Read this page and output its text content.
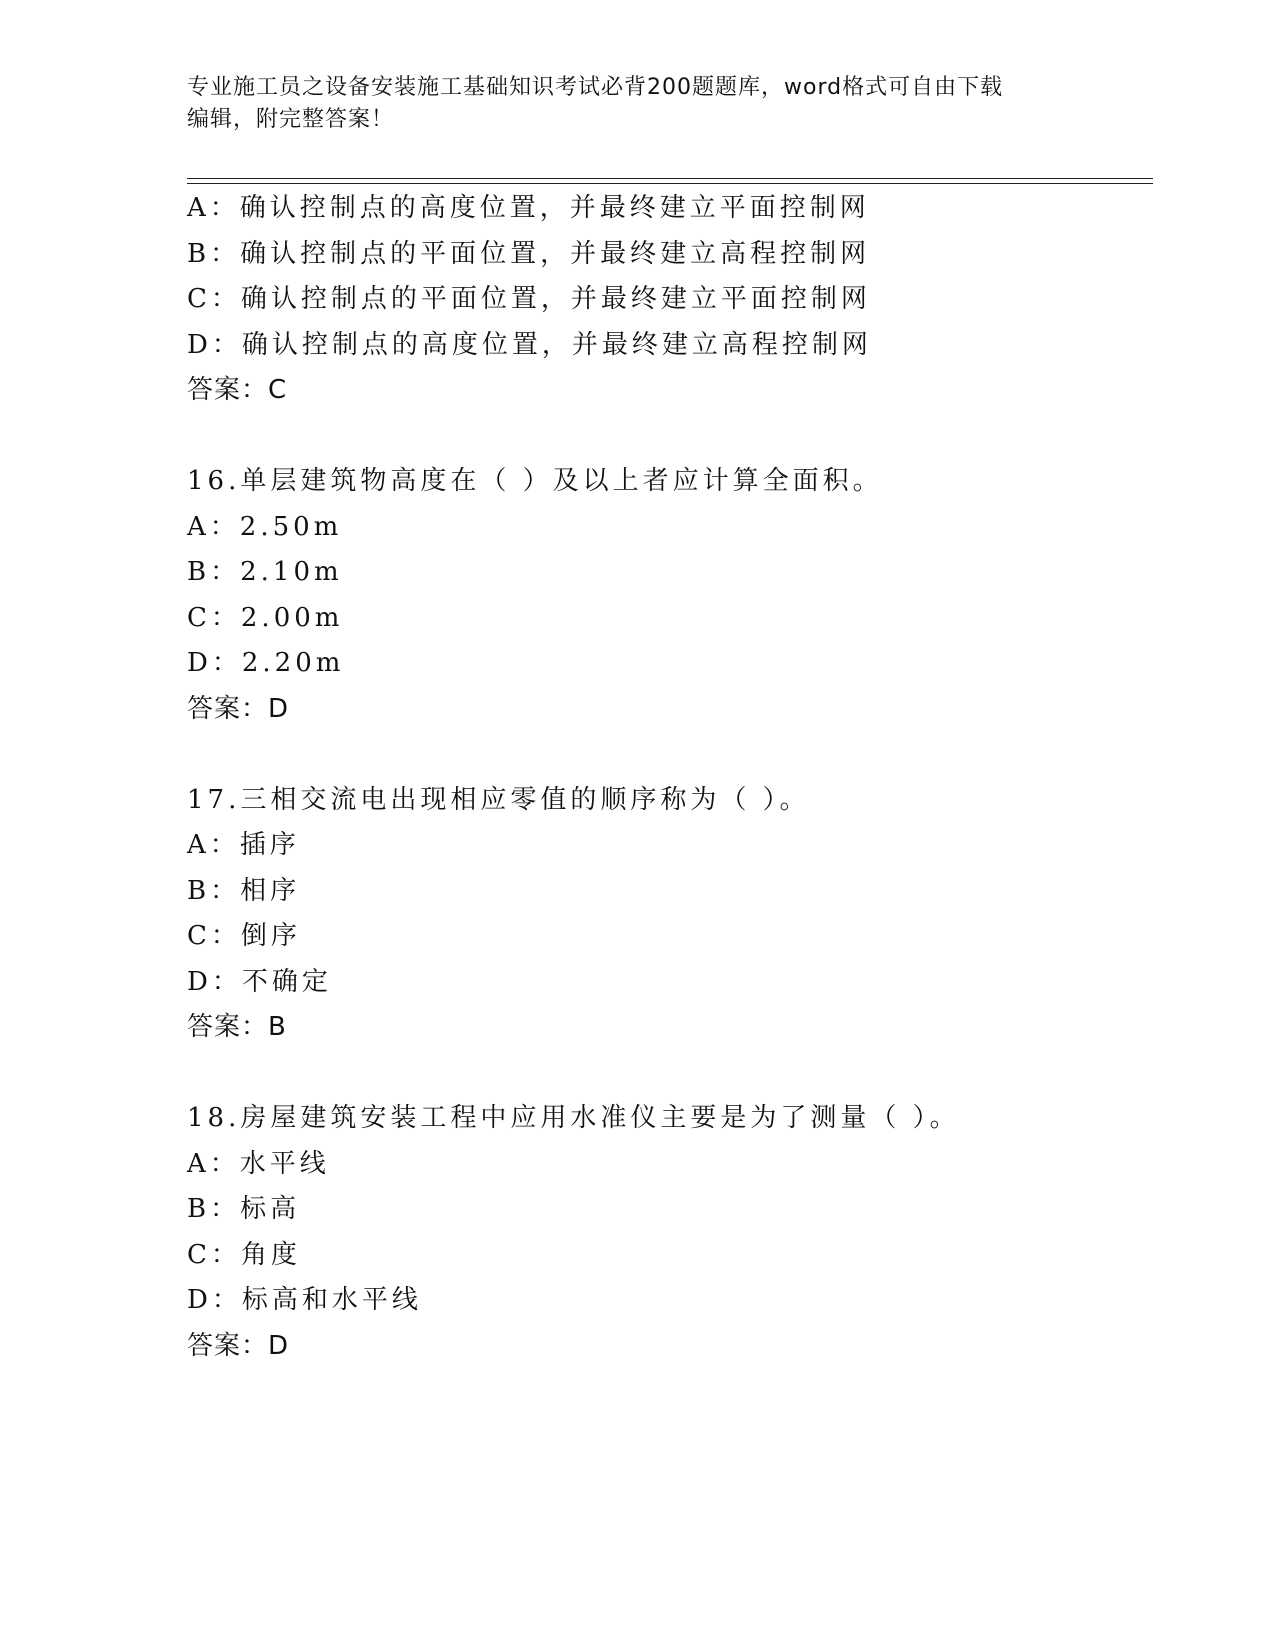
专业施工员之设备安装施工基础知识考试必背200题题库，word格式可自由下载
编辑，附完整答案！
A：确认控制点的高度位置，并最终建立平面控制网
B：确认控制点的平面位置，并最终建立高程控制网
C：确认控制点的平面位置，并最终建立平面控制网
D：确认控制点的高度位置，并最终建立高程控制网
答案：C
16.单层建筑物高度在（ ）及以上者应计算全面积。
A：2.50m
B：2.10m
C：2.00m
D：2.20m
答案：D
17.三相交流电出现相应零值的顺序称为（ ）。
A：插序
B：相序
C：倒序
D：不确定
答案：B
18.房屋建筑安装工程中应用水准仪主要是为了测量（ ）。
A：水平线
B：标高
C：角度
D：标高和水平线
答案：D
